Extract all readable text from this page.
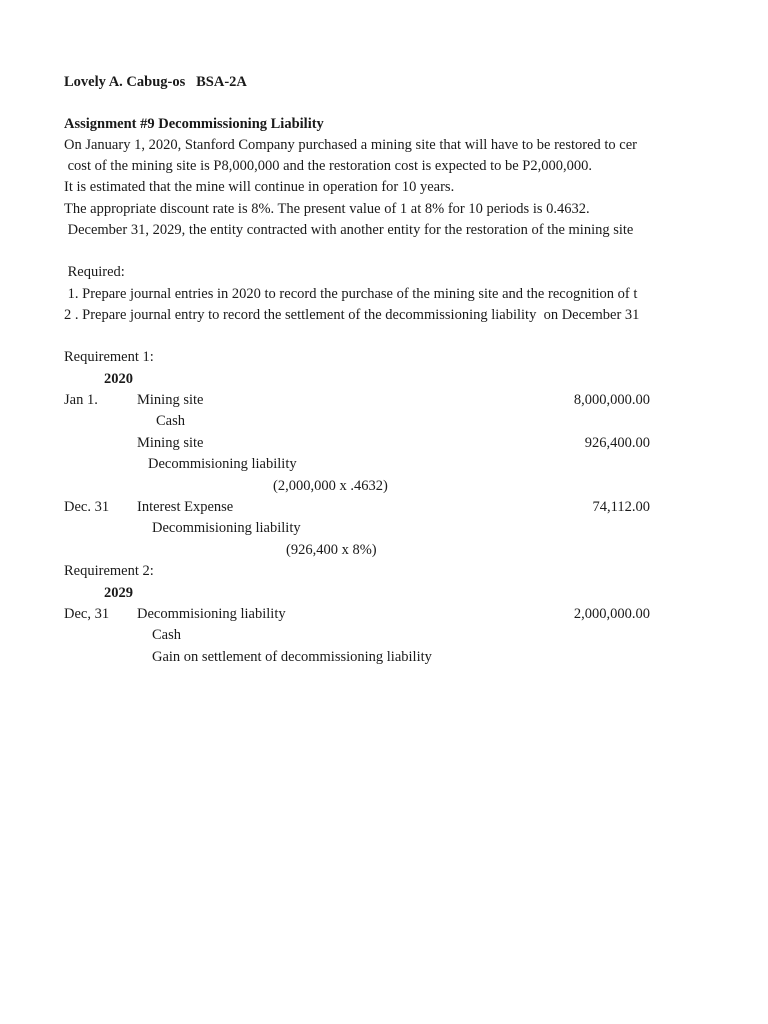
Lovely A. Cabug-os   BSA-2A
Assignment #9 Decommissioning Liability
On January 1, 2020, Stanford Company purchased a mining site that will have to be restored to cer
cost of the mining site is P8,000,000 and the restoration cost is expected to be P2,000,000.
It is estimated that the mine will continue in operation for 10 years.
The appropriate discount rate is 8%. The present value of 1 at 8% for 10 periods is 0.4632.
December 31, 2029, the entity contracted with another entity for the restoration of the mining site
Required:
1. Prepare journal entries in 2020 to record the purchase of the mining site and the recognition of t
2 . Prepare journal entry to record the settlement of the decommissioning liability  on December 31
Requirement 1:
2020
Jan 1.	Mining site	8,000,000.00
Cash
Mining site	926,400.00
Decommisioning liability
(2,000,000 x .4632)
Dec. 31 Interest Expense	74,112.00
Decommisioning liability
(926,400 x 8%)
Requirement 2:
2029
Dec, 31 Decommisioning liability	2,000,000.00
Cash
Gain on settlement of decommissioning liability
